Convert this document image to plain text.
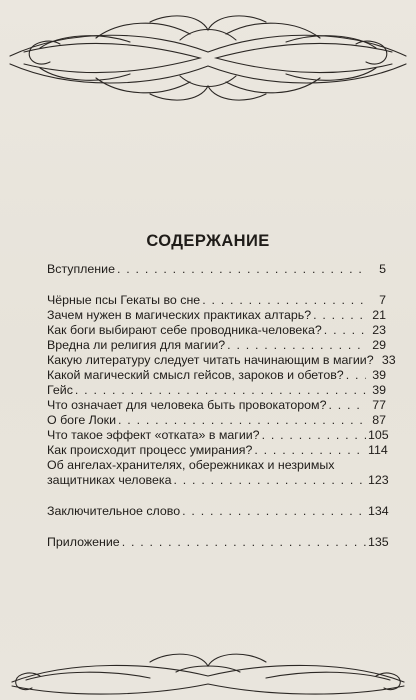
СОДЕРЖАНИЕ
Вступление . . .	5
Чёрные псы Гекаты во сне . . .	7
Зачем нужен в магических практиках алтарь? . . .	21
Как боги выбирают себе проводника-человека? . . .	23
Вредна ли религия для магии? . . .	29
Какую литературу следует читать начинающим в магии? 33
Какой магический смысл гейсов, зароков и обетов? . . .	39
Гейс . . .	39
Что означает для человека быть провокатором? . . .	77
О боге Локи . . .	87
Что такое эффект «отката» в магии? . . .	105
Как происходит процесс умирания? . . .	114
Об ангелах-хранителях, обережниках и незримых
защитниках человека . . .	123
Заключительное слово . . .	134
Приложение . . .	135
